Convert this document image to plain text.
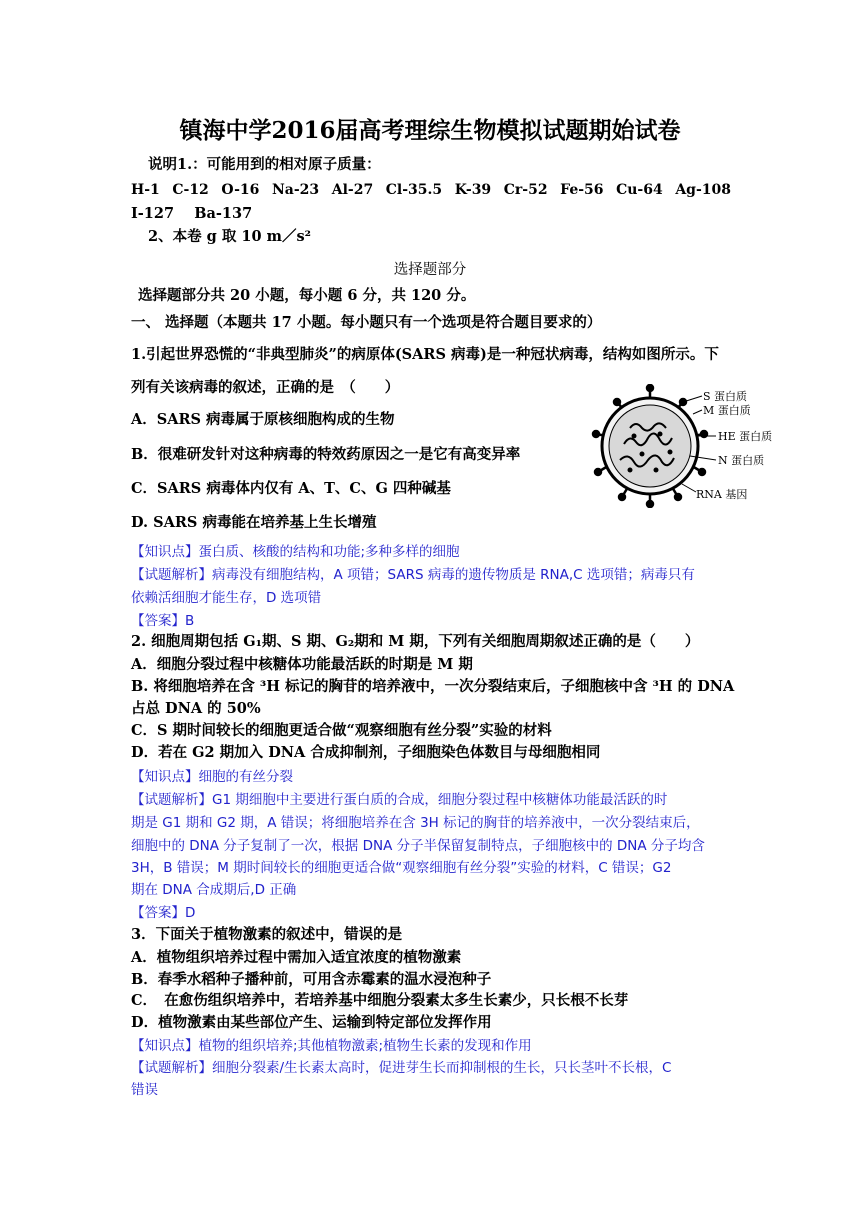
镇海中学2016届高考理综生物模拟试题期始试卷
说明1.：可能用到的相对原子质量：
H-1 C-12 O-16 Na-23 Al-27 Cl-35.5 K-39 Cr-52 Fe-56 Cu-64 Ag-108
I-127    Ba-137
2、本卷 g 取 10 m／s²
选择题部分
选择题部分共 20 小题，每小题 6 分，共 120 分。
一、 选择题（本题共 17 小题。每小题只有一个选项是符合题目要求的）
1.引起世界恐慌的“非典型肺炎”的病原体(SARS 病毒)是一种冠状病毒，结构如图所示。下
列有关该病毒的叙述，正确的是　（　　）
A．SARS 病毒属于原核细胞构成的生物
B．很难研发针对这种病毒的特效药原因之一是它有高变异率
C．SARS 病毒体内仅有 A、T、C、G 四种碱基
D. SARS 病毒能在培养基上生长增殖
S 蛋白质
M 蛋白质
HE 蛋白质
N 蛋白质
RNA 基因
【知识点】蛋白质、核酸的结构和功能;多种多样的细胞
【试题解析】病毒没有细胞结构，A 项错；SARS 病毒的遗传物质是 RNA,C 选项错；病毒只有
依赖活细胞才能生存，D 选项错
【答案】B
2. 细胞周期包括 G₁期、S 期、G₂期和 M 期，下列有关细胞周期叙述正确的是（　　）
A．细胞分裂过程中核糖体功能最活跃的时期是 M 期
B. 将细胞培养在含 ³H 标记的胸苷的培养液中，一次分裂结束后，子细胞核中含 ³H 的 DNA
占总 DNA 的 50%
C．S 期时间较长的细胞更适合做“观察细胞有丝分裂”实验的材料
D．若在 G2 期加入 DNA 合成抑制剂，子细胞染色体数目与母细胞相同
【知识点】细胞的有丝分裂
【试题解析】G1 期细胞中主要进行蛋白质的合成，细胞分裂过程中核糖体功能最活跃的时
期是 G1 期和 G2 期，A 错误；将细胞培养在含 3H 标记的胸苷的培养液中，一次分裂结束后，
细胞中的 DNA 分子复制了一次，根据 DNA 分子半保留复制特点，子细胞核中的 DNA 分子均含
3H，B 错误；M 期时间较长的细胞更适合做“观察细胞有丝分裂”实验的材料，C 错误；G2
期在 DNA 合成期后,D 正确
【答案】D
3．下面关于植物激素的叙述中，错误的是
A．植物组织培养过程中需加入适宜浓度的植物激素
B．春季水稻种子播种前，可用含赤霉素的温水浸泡种子
C．　在愈伤组织培养中，若培养基中细胞分裂素太多生长素少，只长根不长芽
D．植物激素由某些部位产生、运输到特定部位发挥作用
【知识点】植物的组织培养;其他植物激素;植物生长素的发现和作用
【试题解析】细胞分裂素/生长素太高时，促进芽生长而抑制根的生长，只长茎叶不长根，C
错误
